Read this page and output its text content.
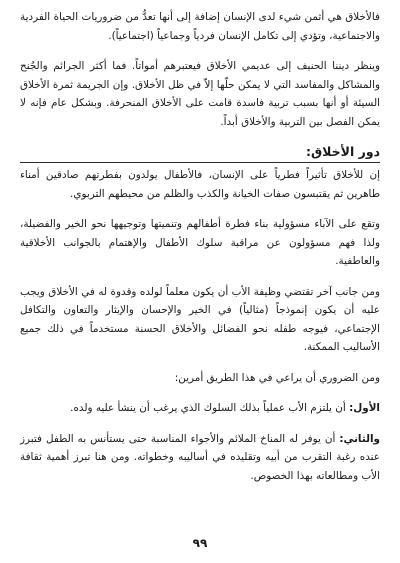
فالأخلاق هي أثمن شيء لدى الإنسان إضافة إلى أنها تعدُّ من ضروريات الحياة الفردية والاجتماعية، وتؤدي إلى تكامل الإنسان فردياً وجماعياً (اجتماعياً).

وينظر ديننا الحنيف إلى عديمي الأخلاق فيعتبرهم أمواتاً. فما أكثر الجرائم والجُنح والمشاكل والمفاسد التي لا يمكن حلّها إلاّ في ظل الأخلاق. وإن الجريمة ثمرة الأخلاق السيئة أو أنها بسبب تربية فاسدة قامت على الأخلاق المنحرفة. وبشكل عام فإنه لا يمكن الفصل بين التربية والأخلاق أبداً.

دور الأخلاق:

إن للأخلاق تأثيراً فطرياً على الإنسان، فالأطفال يولدون بفطرتهم صادقين أمناء طاهرين ثم يقتبسون صفات الخيانة والكذب والظلم من محيطهم التربوي.

وتقع على الآباء مسؤولية بناء فطرة أطفالهم وتنميتها وتوجيهها نحو الخير والفضيلة، ولذا فهم مسؤولون عن مراقبة سلوك الأطفال والإهتمام بالجوانب الأخلاقية والعاطفية.

ومن جانب آخر تقتضي وظيفة الأب أن يكون معلماً لولده وقدوة له في الأخلاق ويجب عليه أن يكون إنموذجاً (مثالياً) في الخير والإحسان والإيثار والتعاون والتكافل الإجتماعي، فيوجه طفله نحو الفضائل والأخلاق الحسنة مستخدماً في ذلك جميع الأساليب الممكنة.

ومن الضروري أن يراعي في هذا الطريق أمرين:

الأول: أن يلتزم الأب عملياً بذلك السلوك الذي يرغب أن ينشأ عليه ولده.

والثاني: أن يوفر له المناخ الملائم والأجواء المناسبة حتى يستأنس به الطفل فتبرز عنده رغبة التقرب من أبيه وتقليده في أساليبه وخطواته. ومن هنا تبرز أهمية ثقافة الأب ومطالعاته بهذا الخصوص.

٩٩
